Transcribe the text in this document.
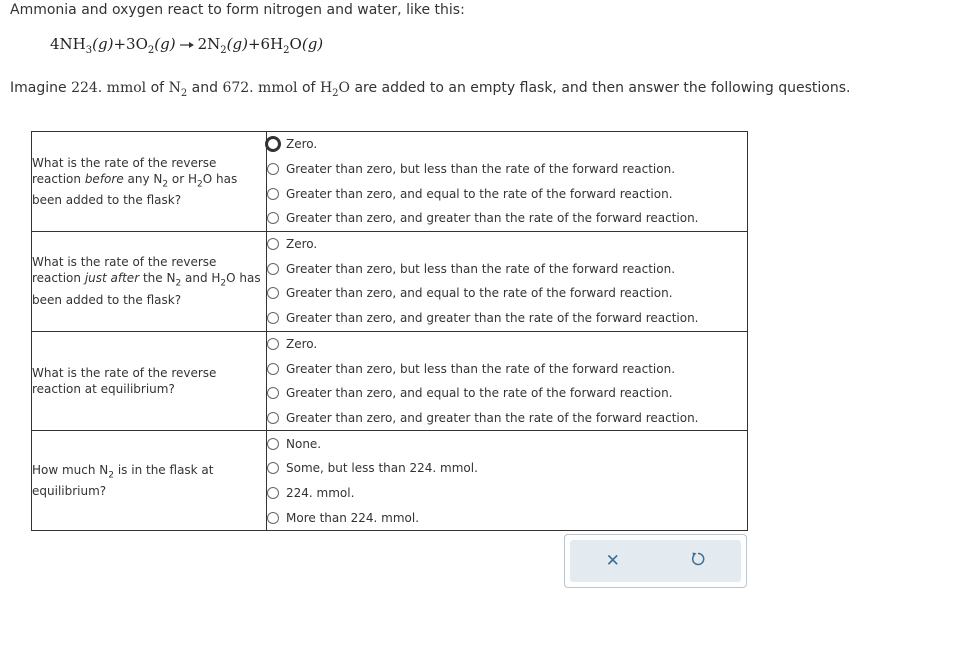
Ammonia and oxygen react to form nitrogen and water, like this:
$4NH_3(g)+3O_2(g) \to 2N_2(g)+6H_2O(g)$
Imagine 224. mmol of $N_2$ and 672. mmol of $H_2O$ are added to an empty flask, and then answer the following questions.
What is the rate of the reverse reaction before any $N_2$ or $H_2O$ has been added to the flask?	Zero.
Greater than zero, but less than the rate of the forward reaction.
Greater than zero, and equal to the rate of the forward reaction.
Greater than zero, and greater than the rate of the forward reaction.

What is the rate of the reverse reaction just after the $N_2$ and $H_2O$ has been added to the flask?	Zero.
Greater than zero, but less than the rate of the forward reaction.
Greater than zero, and equal to the rate of the forward reaction.
Greater than zero, and greater than the rate of the forward reaction.

What is the rate of the reverse reaction at equilibrium?	Zero.
Greater than zero, but less than the rate of the forward reaction.
Greater than zero, and equal to the rate of the forward reaction.
Greater than zero, and greater than the rate of the forward reaction.

How much $N_2$ is in the flask at equilibrium?	None.
Some, but less than 224. mmol.
224. mmol.
More than 224. mmol.
✕
